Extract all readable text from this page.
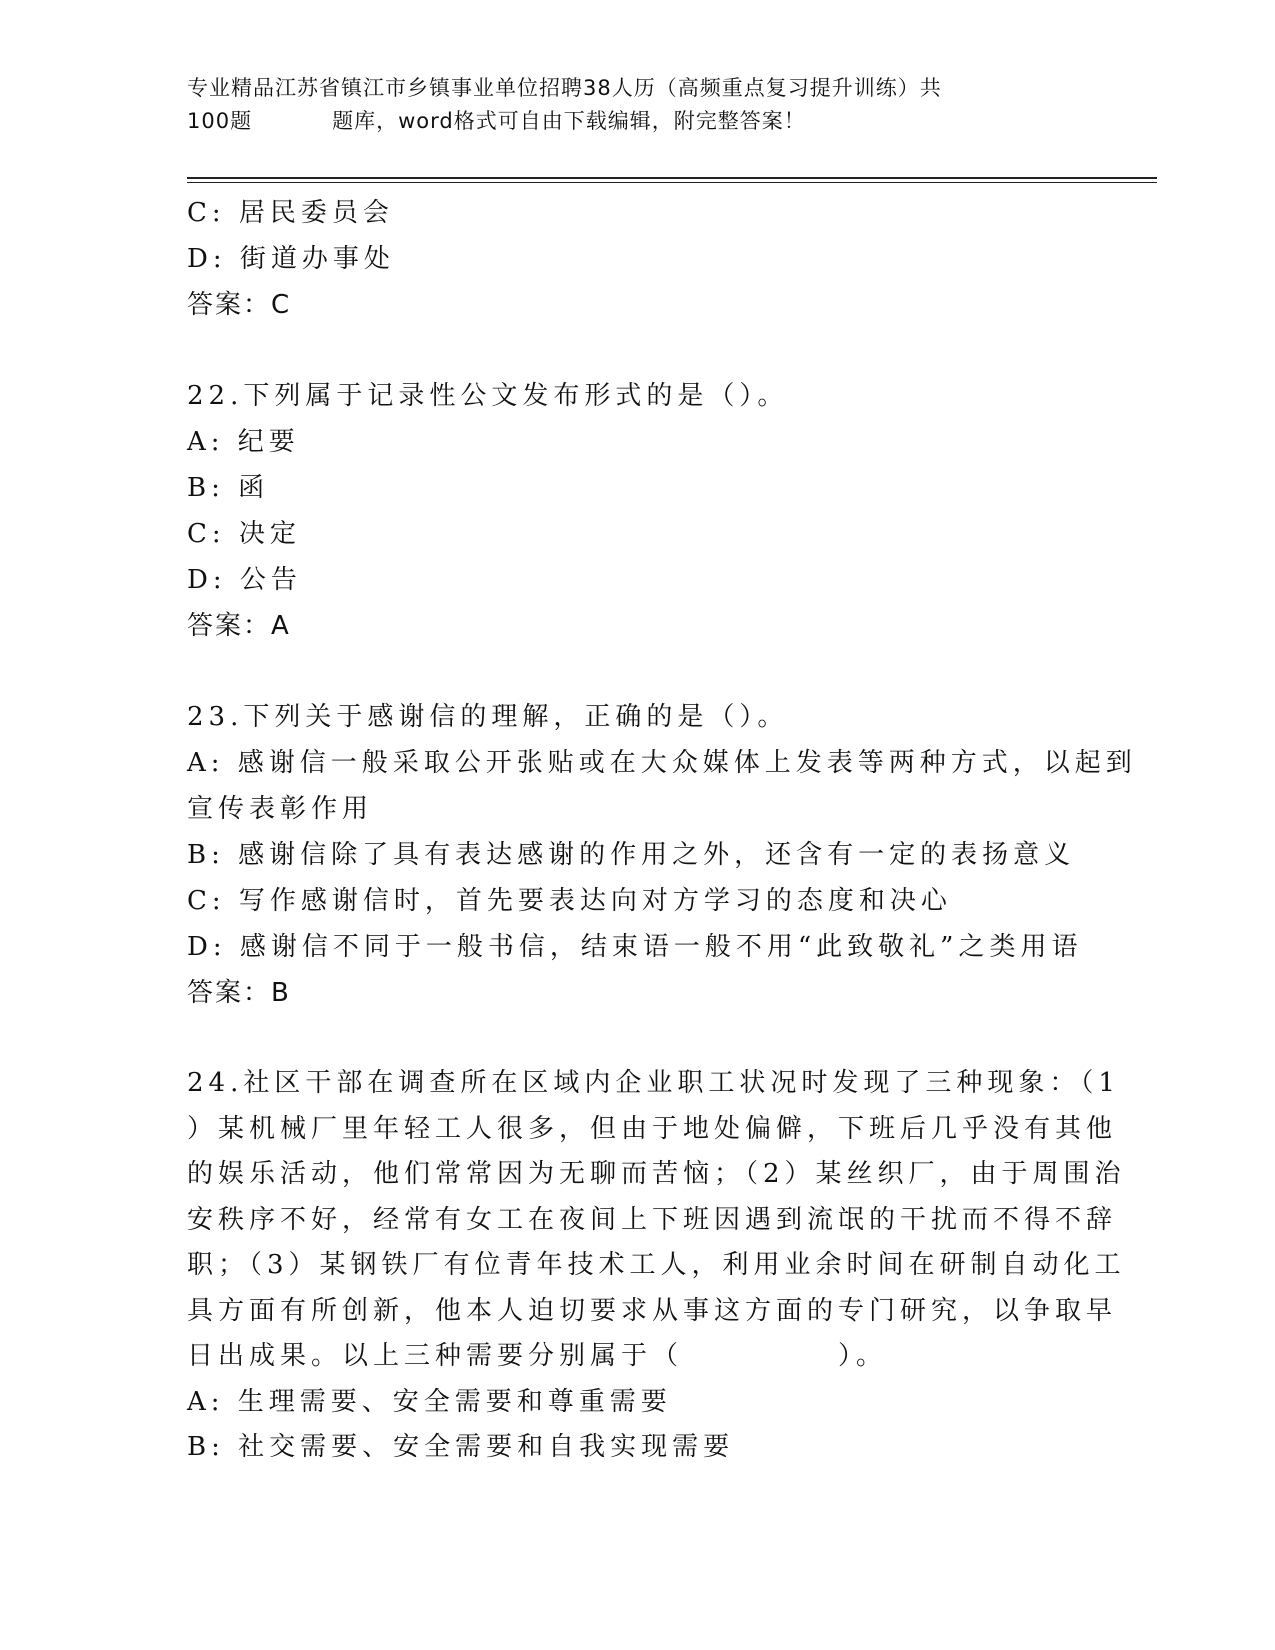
专业精品江苏省镇江市乡镇事业单位招聘38人历（高频重点复习提升训练）共
100题	题库，word格式可自由下载编辑，附完整答案！
C: 居民委员会
D: 街道办事处
答案：C
22.下列属于记录性公文发布形式的是（）。
A: 纪要
B: 函
C: 决定
D: 公告
答案：A
23.下列关于感谢信的理解，正确的是（）。
A: 感谢信一般采取公开张贴或在大众媒体上发表等两种方式，以起到
宣传表彰作用
B: 感谢信除了具有表达感谢的作用之外，还含有一定的表扬意义
C: 写作感谢信时，首先要表达向对方学习的态度和决心
D: 感谢信不同于一般书信，结束语一般不用“此致敬礼”之类用语
答案：B
24.社区干部在调查所在区域内企业职工状况时发现了三种现象：（1
）某机械厂里年轻工人很多，但由于地处偏僻，下班后几乎没有其他
的娱乐活动，他们常常因为无聊而苦恼；（2）某丝织厂，由于周围治
安秩序不好，经常有女工在夜间上下班因遇到流氓的干扰而不得不辞
职；（3）某钢铁厂有位青年技术工人，利用业余时间在研制自动化工
具方面有所创新，他本人迫切要求从事这方面的专门研究，以争取早
日出成果。以上三种需要分别属于（　　　　　）。
A: 生理需要、安全需要和尊重需要
B: 社交需要、安全需要和自我实现需要
